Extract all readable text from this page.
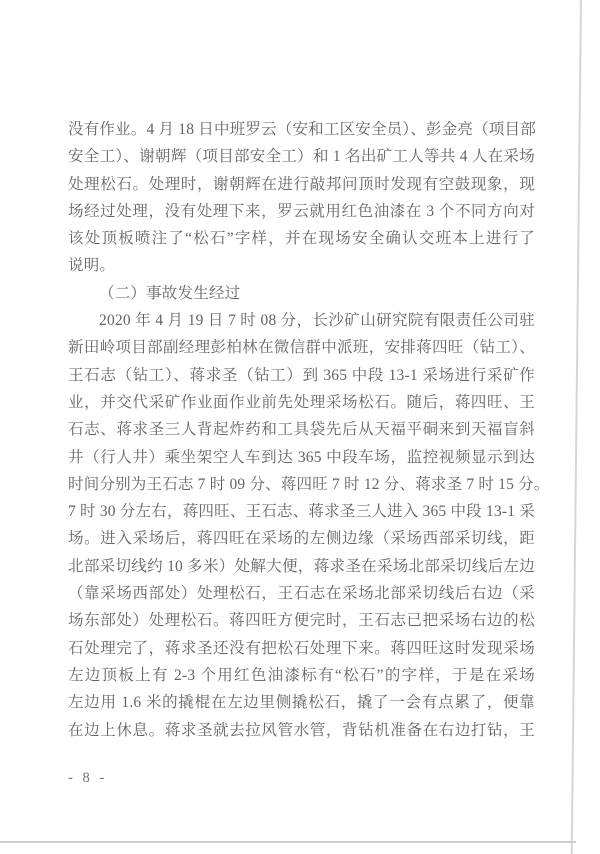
没有作业。4 月 18 日中班罗云（安和工区安全员）、彭金亮（项目部
安全工）、谢朝辉（项目部安全工）和 1 名出矿工人等共 4 人在采场
处理松石。处理时，谢朝辉在进行敲邦问顶时发现有空鼓现象，现
场经过处理，没有处理下来，罗云就用红色油漆在 3 个不同方向对
该处顶板喷注了“松石”字样，并在现场安全确认交班本上进行了
说明。
（二）事故发生经过
2020 年 4 月 19 日 7 时 08 分，长沙矿山研究院有限责任公司驻
新田岭项目部副经理彭柏林在微信群中派班，安排蒋四旺（钻工）、
王石志（钻工）、蒋求圣（钻工）到 365 中段 13-1 采场进行采矿作
业，并交代采矿作业面作业前先处理采场松石。随后，蒋四旺、王
石志、蒋求圣三人背起炸药和工具袋先后从天福平硐来到天福盲斜
井（行人井）乘坐架空人车到达 365 中段车场，监控视频显示到达
时间分别为王石志 7 时 09 分、蒋四旺 7 时 12 分、蒋求圣 7 时 15 分。
7 时 30 分左右，蒋四旺、王石志、蒋求圣三人进入 365 中段 13-1 采
场。进入采场后，蒋四旺在采场的左侧边缘（采场西部采切线，距
北部采切线约 10 多米）处解大便，蒋求圣在采场北部采切线后左边
（靠采场西部处）处理松石，王石志在采场北部采切线后右边（采
场东部处）处理松石。蒋四旺方便完时，王石志已把采场右边的松
石处理完了，蒋求圣还没有把松石处理下来。蒋四旺这时发现采场
左边顶板上有 2-3 个用红色油漆标有“松石”的字样，于是在采场
左边用 1.6 米的撬棍在左边里侧撬松石，撬了一会有点累了，便靠
在边上休息。蒋求圣就去拉风管水管，背钻机准备在右边打钻，王
- 8 -
